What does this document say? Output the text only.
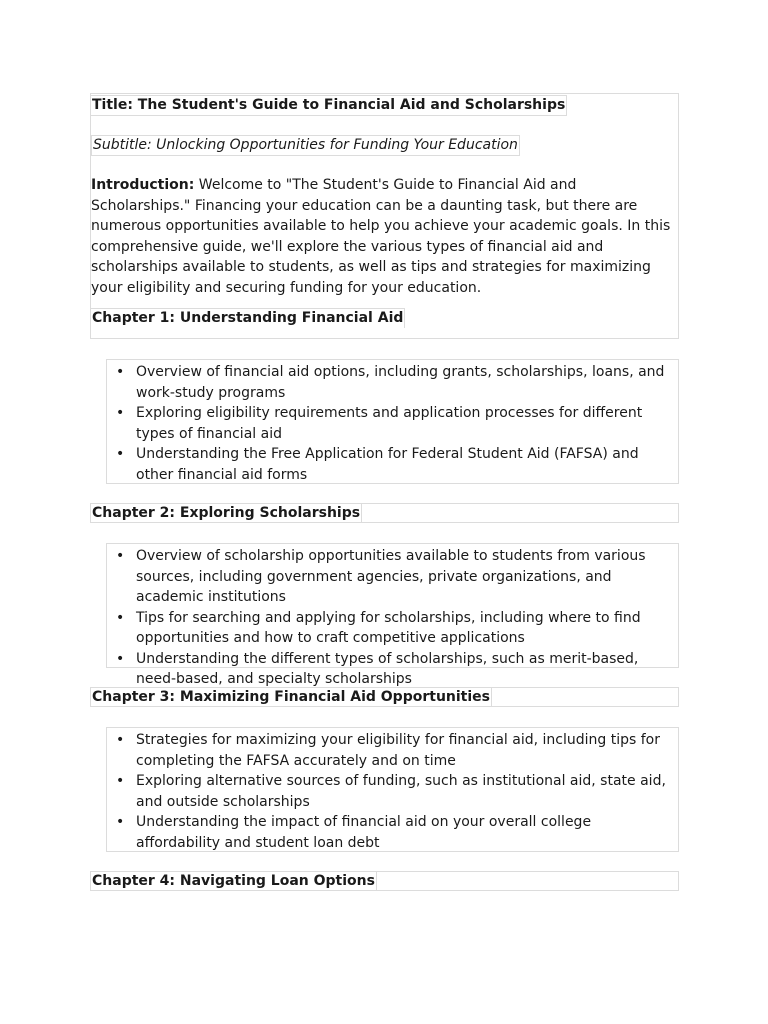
Title: The Student's Guide to Financial Aid and Scholarships
Subtitle: Unlocking Opportunities for Funding Your Education

Introduction: Welcome to "The Student's Guide to Financial Aid and Scholarships." Financing your education can be a daunting task, but there are numerous opportunities available to help you achieve your academic goals. In this comprehensive guide, we'll explore the various types of financial aid and scholarships available to students, as well as tips and strategies for maximizing your eligibility and securing funding for your education.

Chapter 1: Understanding Financial Aid
• Overview of financial aid options, including grants, scholarships, loans, and work-study programs
• Exploring eligibility requirements and application processes for different types of financial aid
• Understanding the Free Application for Federal Student Aid (FAFSA) and other financial aid forms
Chapter 2: Exploring Scholarships
• Overview of scholarship opportunities available to students from various sources, including government agencies, private organizations, and academic institutions
• Tips for searching and applying for scholarships, including where to find opportunities and how to craft competitive applications
• Understanding the different types of scholarships, such as merit-based, need-based, and specialty scholarships
Chapter 3: Maximizing Financial Aid Opportunities
• Strategies for maximizing your eligibility for financial aid, including tips for completing the FAFSA accurately and on time
• Exploring alternative sources of funding, such as institutional aid, state aid, and outside scholarships
• Understanding the impact of financial aid on your overall college affordability and student loan debt
Chapter 4: Navigating Loan Options
